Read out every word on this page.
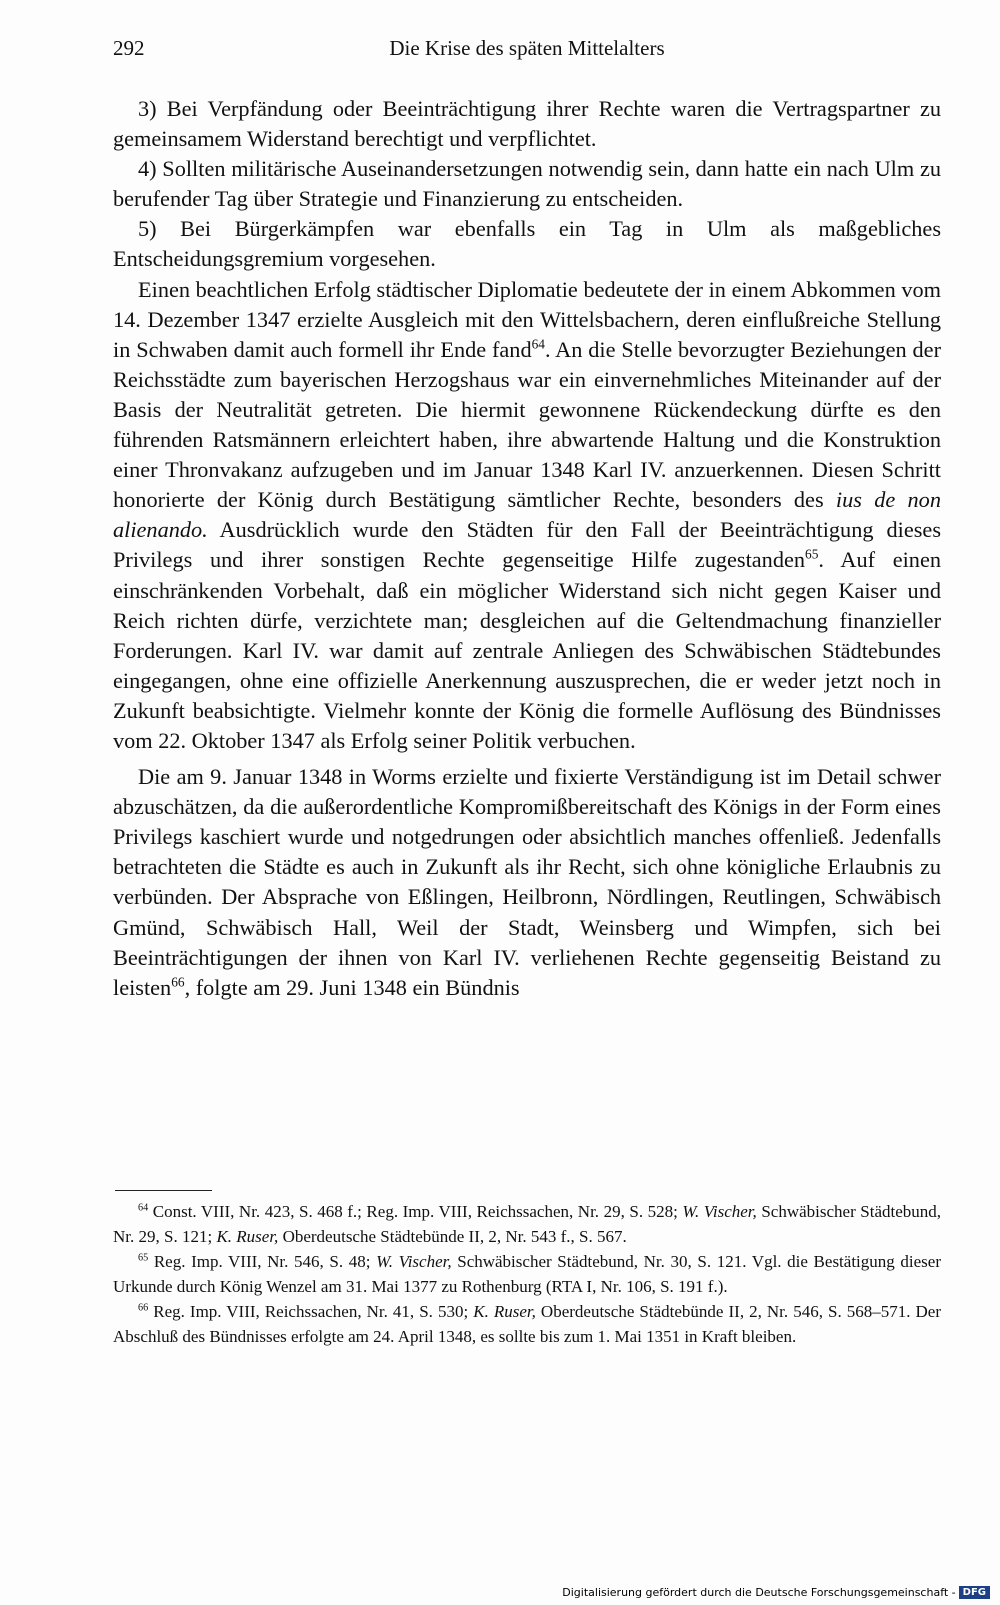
292	Die Krise des späten Mittelalters

3) Bei Verpfändung oder Beeinträchtigung ihrer Rechte waren die Vertragspartner zu gemeinsamem Widerstand berechtigt und verpflichtet.

4) Sollten militärische Auseinandersetzungen notwendig sein, dann hatte ein nach Ulm zu berufender Tag über Strategie und Finanzierung zu entscheiden.

5) Bei Bürgerkämpfen war ebenfalls ein Tag in Ulm als maßgebliches Entscheidungsgremium vorgesehen.

Einen beachtlichen Erfolg städtischer Diplomatie bedeutete der in einem Abkommen vom 14. Dezember 1347 erzielte Ausgleich mit den Wittelsbachern, deren einflußreiche Stellung in Schwaben damit auch formell ihr Ende fand$^{64}$. An die Stelle bevorzugter Beziehungen der Reichsstädte zum bayerischen Herzogshaus war ein einvernehmliches Miteinander auf der Basis der Neutralität getreten. Die hiermit gewonnene Rückendeckung dürfte es den führenden Ratsmännern erleichtert haben, ihre abwartende Haltung und die Konstruktion einer Thronvakanz aufzugeben und im Januar 1348 Karl IV. anzuerkennen. Diesen Schritt honorierte der König durch Bestätigung sämtlicher Rechte, besonders des ius de non alienando. Ausdrücklich wurde den Städten für den Fall der Beeinträchtigung dieses Privilegs und ihrer sonstigen Rechte gegenseitige Hilfe zugestanden$^{65}$. Auf einen einschränkenden Vorbehalt, daß ein möglicher Widerstand sich nicht gegen Kaiser und Reich richten dürfe, verzichtete man; desgleichen auf die Geltendmachung finanzieller Forderungen. Karl IV. war damit auf zentrale Anliegen des Schwäbischen Städtebundes eingegangen, ohne eine offizielle Anerkennung auszusprechen, die er weder jetzt noch in Zukunft beabsichtigte. Vielmehr konnte der König die formelle Auflösung des Bündnisses vom 22. Oktober 1347 als Erfolg seiner Politik verbuchen.

Die am 9. Januar 1348 in Worms erzielte und fixierte Verständigung ist im Detail schwer abzuschätzen, da die außerordentliche Kompromißbereitschaft des Königs in der Form eines Privilegs kaschiert wurde und notgedrungen oder absichtlich manches offenließ. Jedenfalls betrachteten die Städte es auch in Zukunft als ihr Recht, sich ohne königliche Erlaubnis zu verbünden. Der Absprache von Eßlingen, Heilbronn, Nördlingen, Reutlingen, Schwäbisch Gmünd, Schwäbisch Hall, Weil der Stadt, Weinsberg und Wimpfen, sich bei Beeinträchtigungen der ihnen von Karl IV. verliehenen Rechte gegenseitig Beistand zu leisten$^{66}$, folgte am 29. Juni 1348 ein Bündnis

$^{64}$ Const. VIII, Nr. 423, S. 468 f.; Reg. Imp. VIII, Reichssachen, Nr. 29, S. 528; W. Vischer, Schwäbischer Städtebund, Nr. 29, S. 121; K. Ruser, Oberdeutsche Städtebünde II, 2, Nr. 543 f., S. 567.

$^{65}$ Reg. Imp. VIII, Nr. 546, S. 48; W. Vischer, Schwäbischer Städtebund, Nr. 30, S. 121. Vgl. die Bestätigung dieser Urkunde durch König Wenzel am 31. Mai 1377 zu Rothenburg (RTA I, Nr. 106, S. 191 f.).

$^{66}$ Reg. Imp. VIII, Reichssachen, Nr. 41, S. 530; K. Ruser, Oberdeutsche Städtebünde II, 2, Nr. 546, S. 568–571. Der Abschluß des Bündnisses erfolgte am 24. April 1348, es sollte bis zum 1. Mai 1351 in Kraft bleiben.

Digitalisierung gefördert durch die Deutsche Forschungsgemeinschaft - DFG
